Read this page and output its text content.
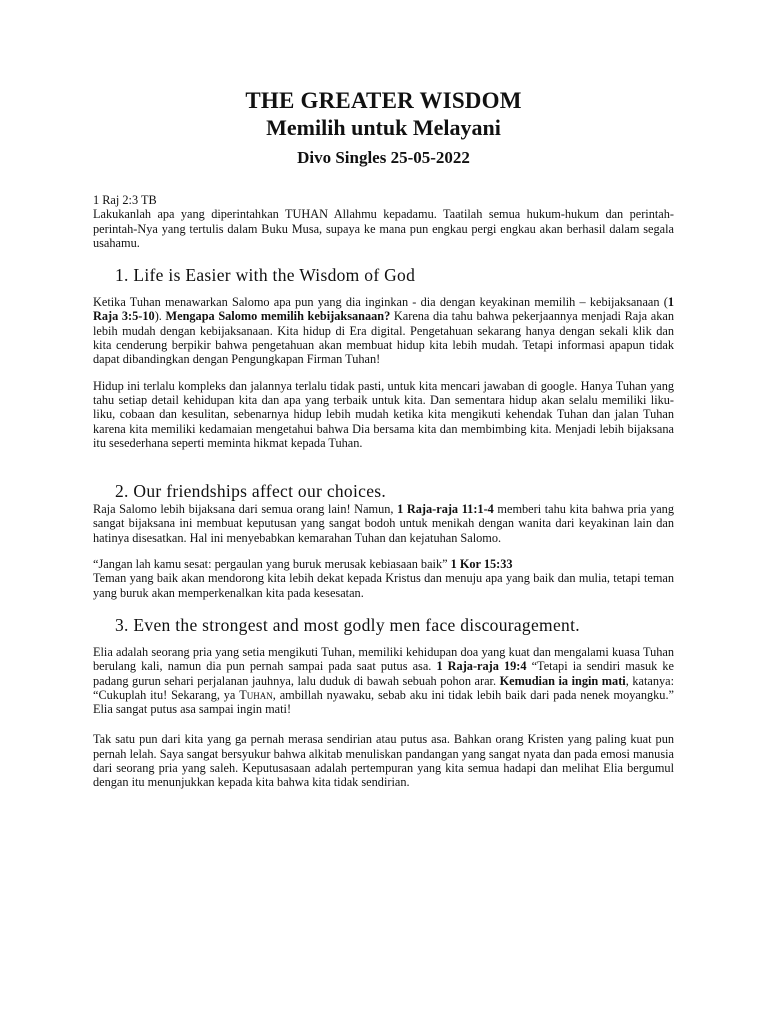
THE GREATER WISDOM
Memilih untuk Melayani
Divo Singles 25-05-2022

1 Raj 2:3 TB

Lakukanlah apa yang diperintahkan TUHAN Allahmu kepadamu. Taatilah semua hukum-hukum dan perintah-perintah-Nya yang tertulis dalam Buku Musa, supaya ke mana pun engkau pergi engkau akan berhasil dalam segala usahamu.

1. Life is Easier with the Wisdom of God

Ketika Tuhan menawarkan Salomo apa pun yang dia inginkan - dia dengan keyakinan memilih – kebijaksanaan (1 Raja 3:5-10). Mengapa Salomo memilih kebijaksanaan? Karena dia tahu bahwa pekerjaannya menjadi Raja akan lebih mudah dengan kebijaksanaan. Kita hidup di Era digital. Pengetahuan sekarang hanya dengan sekali klik dan kita cenderung berpikir bahwa pengetahuan akan membuat hidup kita lebih mudah. Tetapi informasi apapun tidak dapat dibandingkan dengan Pengungkapan Firman Tuhan!

Hidup ini terlalu kompleks dan jalannya terlalu tidak pasti, untuk kita mencari jawaban di google. Hanya Tuhan yang tahu setiap detail kehidupan kita dan apa yang terbaik untuk kita. Dan sementara hidup akan selalu memiliki liku-liku, cobaan dan kesulitan, sebenarnya hidup lebih mudah ketika kita mengikuti kehendak Tuhan dan jalan Tuhan karena kita memiliki kedamaian mengetahui bahwa Dia bersama kita dan membimbing kita. Menjadi lebih bijaksana itu sesederhana seperti meminta hikmat kepada Tuhan.

2. Our friendships affect our choices.

Raja Salomo lebih bijaksana dari semua orang lain! Namun, 1 Raja-raja 11:1-4 memberi tahu kita bahwa pria yang sangat bijaksana ini membuat keputusan yang sangat bodoh untuk menikah dengan wanita dari keyakinan lain dan hatinya disesatkan. Hal ini menyebabkan kemarahan Tuhan dan kejatuhan Salomo.

“Jangan lah kamu sesat: pergaulan yang buruk merusak kebiasaan baik” 1 Kor 15:33

Teman yang baik akan mendorong kita lebih dekat kepada Kristus dan menuju apa yang baik dan mulia, tetapi teman yang buruk akan memperkenalkan kita pada kesesatan.

3. Even the strongest and most godly men face discouragement.

Elia adalah seorang pria yang setia mengikuti Tuhan, memiliki kehidupan doa yang kuat dan mengalami kuasa Tuhan berulang kali, namun dia pun pernah sampai pada saat putus asa. 1 Raja-raja 19:4 “Tetapi ia sendiri masuk ke padang gurun sehari perjalanan jauhnya, lalu duduk di bawah sebuah pohon arar. Kemudian ia ingin mati, katanya: “Cukuplah itu! Sekarang, ya Tuhan, ambillah nyawaku, sebab aku ini tidak lebih baik dari pada nenek moyangku.” Elia sangat putus asa sampai ingin mati!

Tak satu pun dari kita yang ga pernah merasa sendirian atau putus asa. Bahkan orang Kristen yang paling kuat pun pernah lelah. Saya sangat bersyukur bahwa alkitab menuliskan pandangan yang sangat nyata dan pada emosi manusia dari seorang pria yang saleh. Keputusasaan adalah pertempuran yang kita semua hadapi dan melihat Elia bergumul dengan itu menunjukkan kepada kita bahwa kita tidak sendirian.
